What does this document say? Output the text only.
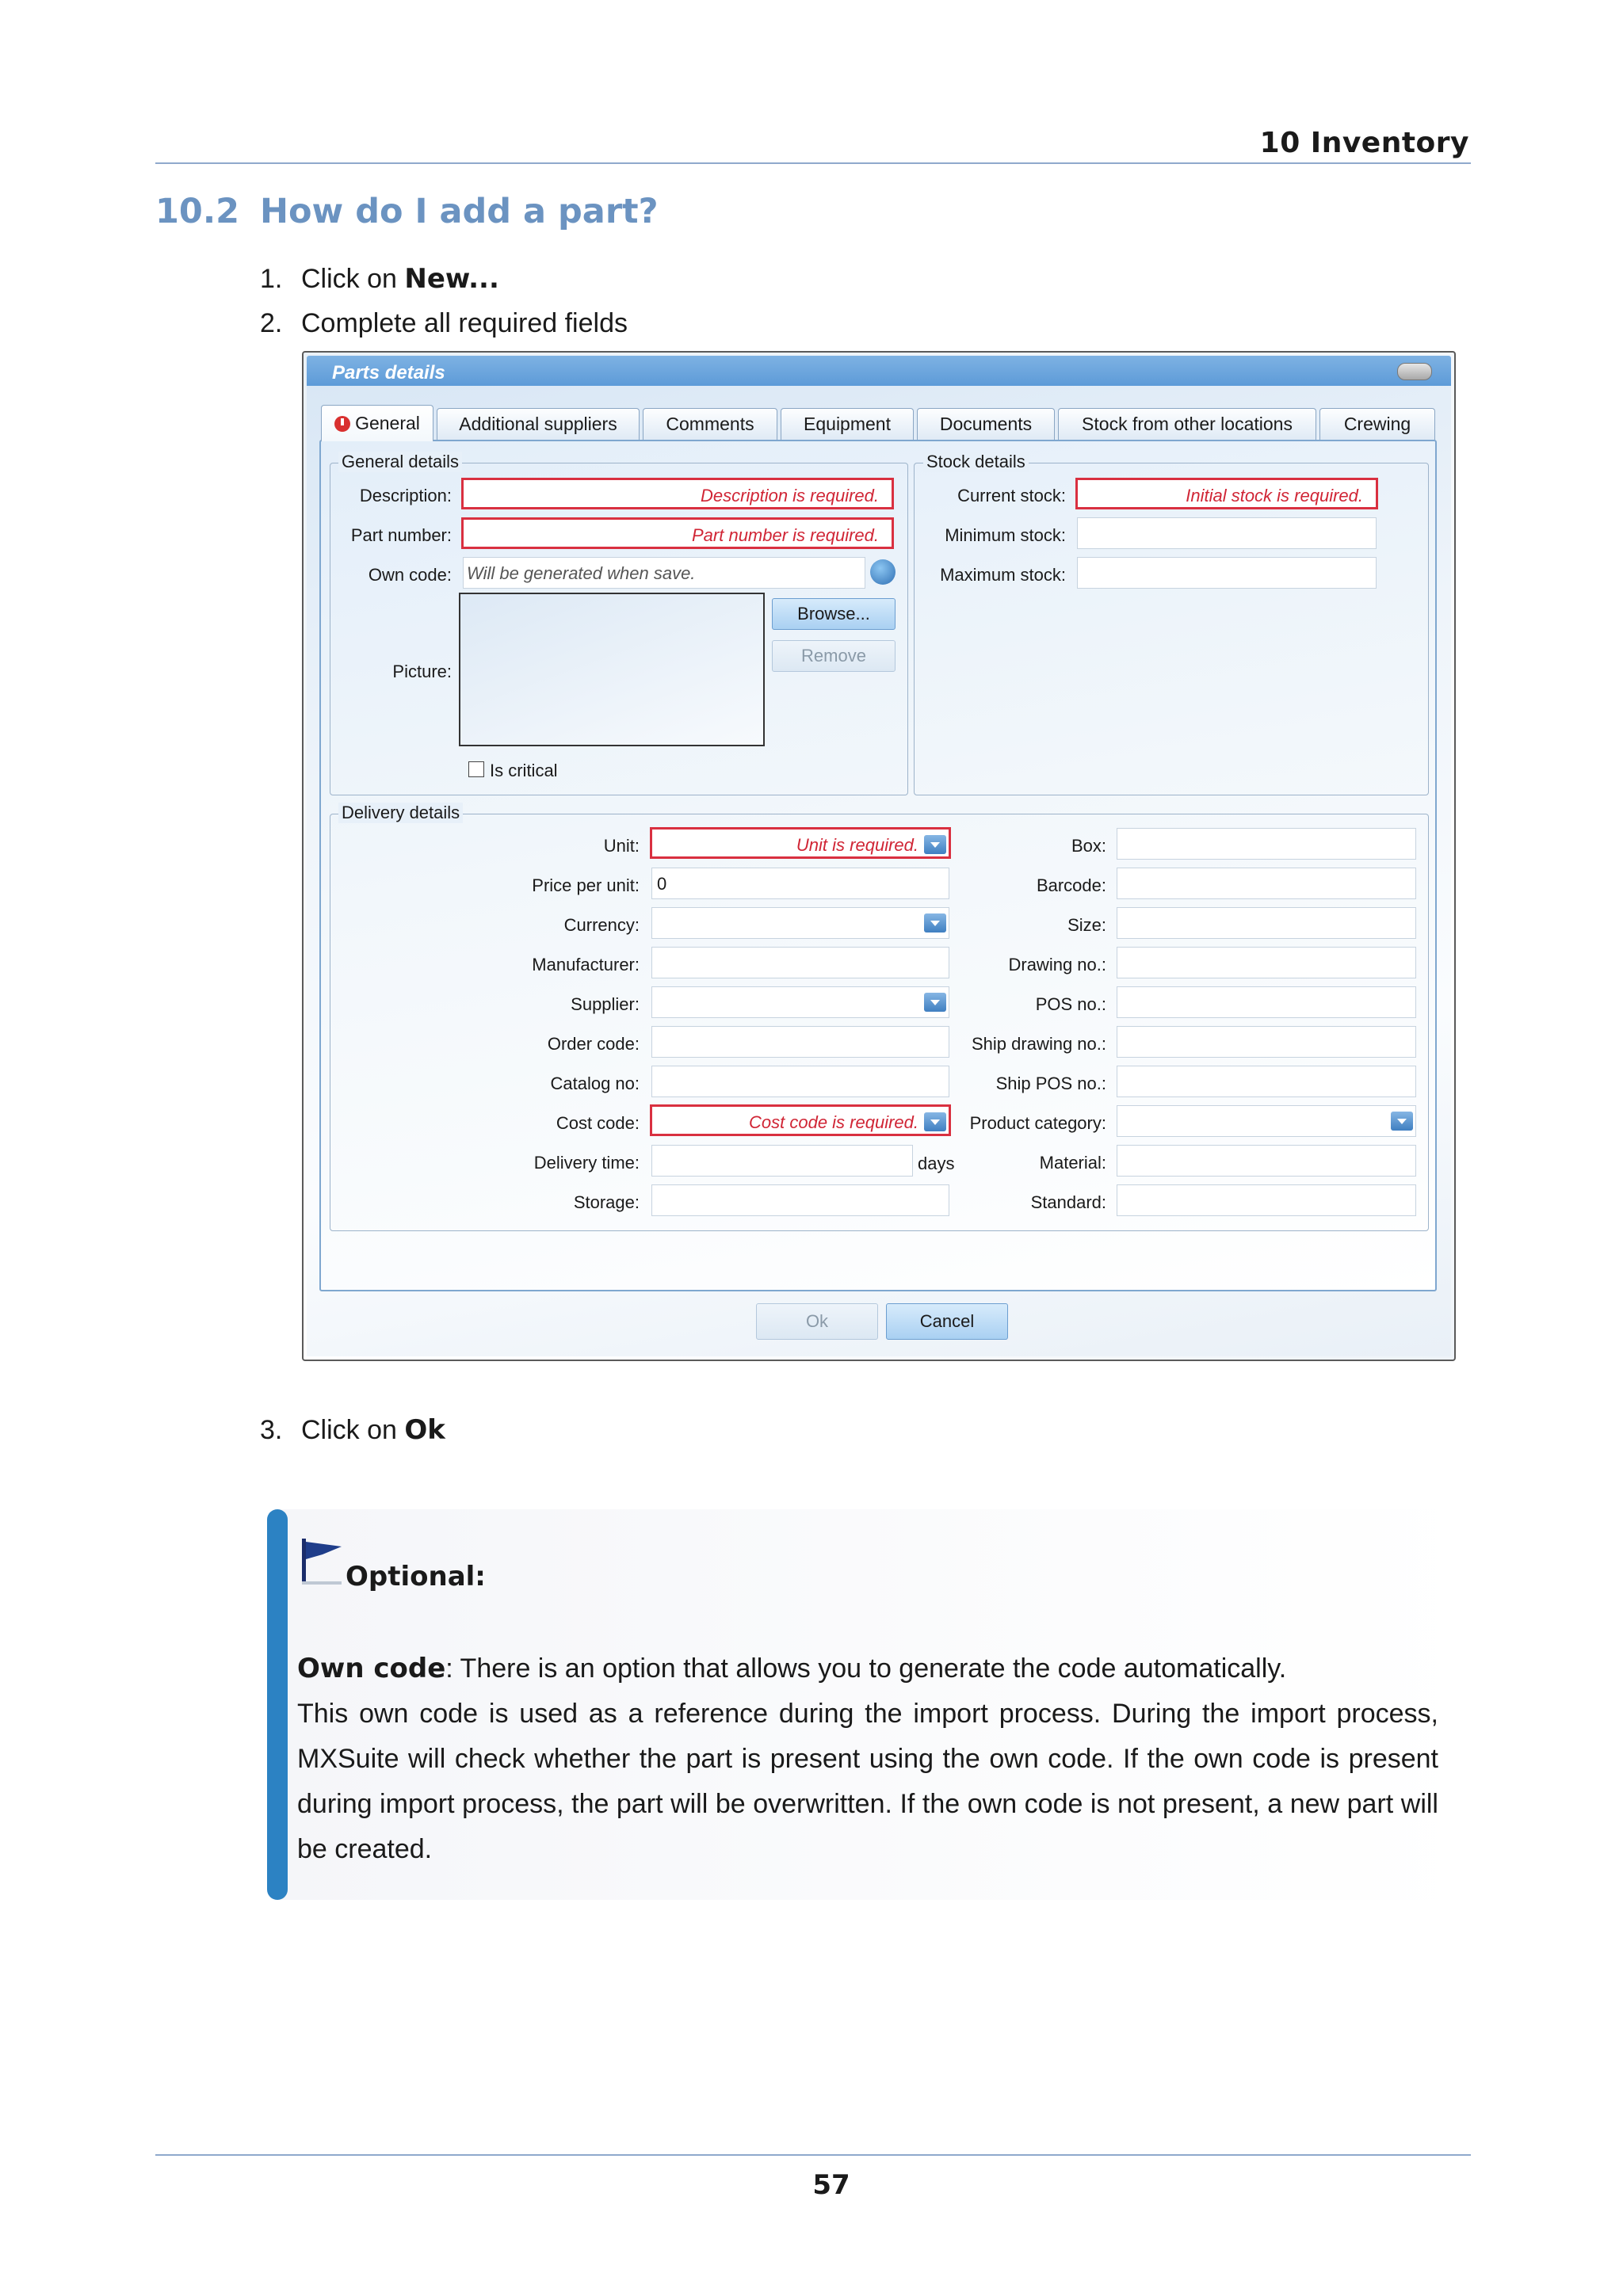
10 Inventory
10.2 How do I add a part?
1. Click on New...
2. Complete all required fields
Parts details
General	Additional suppliers	Comments	Equipment	Documents	Stock from other locations	Crewing
General details
Description:	Description is required.
Part number:	Part number is required.
Own code: Will be generated when save.
Picture:
Browse...
Remove
Is critical
Stock details
Current stock:	Initial stock is required.
Minimum stock:
Maximum stock:
Delivery details
Unit:	Unit is required.
Price per unit: 0
Currency:
Manufacturer:
Supplier:
Order code:
Catalog no:
Cost code:	Cost code is required.
Delivery time:	days
Storage:
Box:
Barcode:
Size:
Drawing no.:
POS no.:
Ship drawing no.:
Ship POS no.:
Product category:
Material:
Standard:
Ok	Cancel
3. Click on Ok
Optional:
Own code: There is an option that allows you to generate the code automatically.
This own code is used as a reference during the import process. During the import process, MXSuite will check whether the part is present using the own code. If the own code is present during import process, the part will be overwritten. If the own code is not present, a new part will be created.
57
